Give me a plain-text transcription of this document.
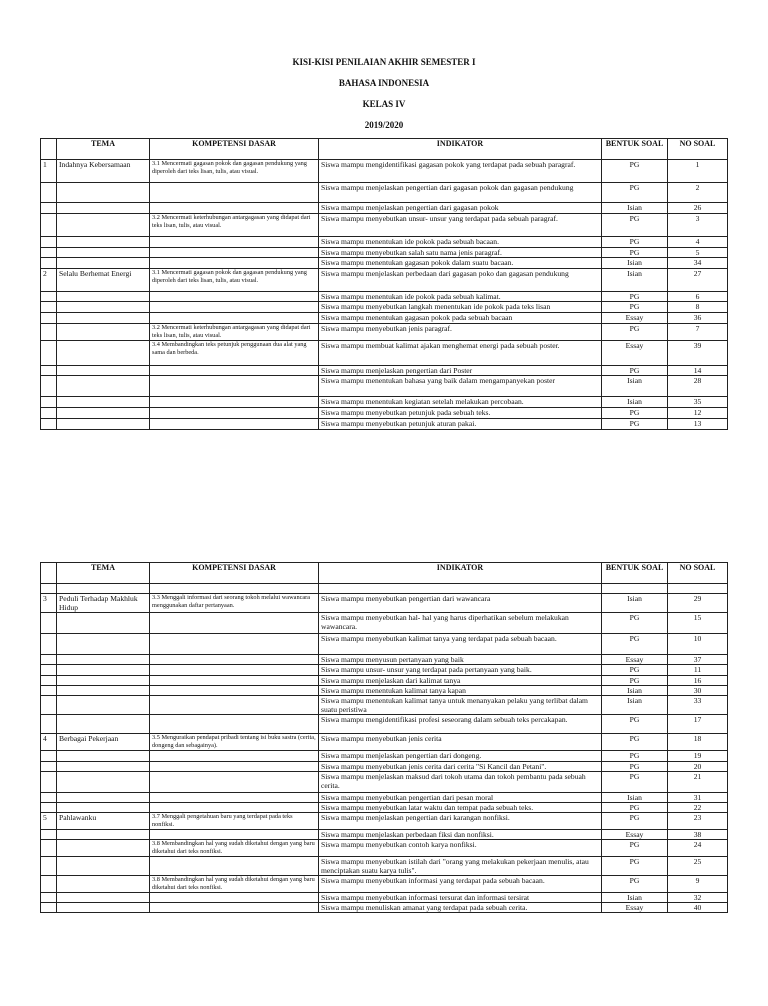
KISI-KISI PENILAIAN AKHIR SEMESTER I
BAHASA INDONESIA
KELAS IV
2019/2020
	TEMA	KOMPETENSI DASAR	INDIKATOR	BENTUK SOAL	NO SOAL
1	Indahnya Kebersamaan	3.1 Mencermati gagasan pokok dan gagasan pendukung yang diperoleh dari teks lisan, tulis, atau visual.	Siswa mampu mengidentifikasi gagasan pokok yang terdapat pada sebuah paragraf.	PG	1
			Siswa mampu menjelaskan pengertian dari gagasan pokok dan gagasan pendukung	PG	2
			Siswa mampu menjelaskan pengertian dari gagasan pokok	Isian	26
		3.2 Mencermati keterhubungan antargagasan yang didapat dari teks lisan, tulis, atau visual.	Siswa mampu menyebutkan unsur- unsur yang terdapat pada sebuah paragraf.	PG	3
			Siswa mampu menentukan ide pokok pada sebuah bacaan.	PG	4
			Siswa mampu menyebutkan salah satu nama jenis paragraf.	PG	5
			Siswa mampu menentukan gagasan pokok dalam suatu bacaan.	Isian	34
2	Selalu Berhemat Energi	3.1 Mencermati gagasan pokok dan gagasan pendukung yang diperoleh dari teks lisan, tulis, atau visual.	Siswa mampu menjelaskan perbedaan dari gagasan poko dan gagasan pendukung	Isian	27
			Siswa mampu menentukan ide pokok pada sebuah kalimat.	PG	6
			Siswa mampu menyebutkan langkah menentukan ide pokok pada teks lisan	PG	8
			Siswa mampu menentukan gagasan pokok pada sebuah bacaan	Essay	36
		3.2 Mencermati keterhubungan antargagasan yang didapat dari teks lisan, tulis, atau visual.	Siswa mampu menyebutkan jenis paragraf.	PG	7
		3.4 Membandingkan teks petunjuk penggunaan dua alat yang sama dan berbeda.	Siswa mampu membuat kalimat ajakan menghemat energi pada sebuah poster.	Essay	39
			Siswa mampu menjelaskan pengertian dari Poster	PG	14
			Siswa mampu menentukan bahasa yang baik dalam mengampanyekan poster	Isian	28
			Siswa mampu menentukan kegiatan setelah melakukan percobaan.	Isian	35
			Siswa mampu menyebutkan petunjuk pada sebuah teks.	PG	12
			Siswa mampu menyebutkan petunjuk aturan pakai.	PG	13
	TEMA	KOMPETENSI DASAR	INDIKATOR	BENTUK SOAL	NO SOAL

3	Peduli Terhadap Makhluk Hidup	3.3 Menggali informasi dari seorang tokoh melalui wawancara menggunakan daftar pertanyaan.	Siswa mampu menyebutkan pengertian dari wawancara	Isian	29
			Siswa mampu menyebutkan hal- hal yang harus diperhatikan sebelum melakukan wawancara.	PG	15
			Siswa mampu menyebutkan kalimat tanya yang terdapat pada sebuah bacaan.	PG	10
			Siswa mampu menyusun pertanyaan yang baik	Essay	37
			Siswa mampu unsur- unsur yang terdapat pada pertanyaan yang baik.	PG	11
			Siswa mampu menjelaskan dari kalimat tanya	PG	16
			Siswa mampu menentukan kalimat tanya kapan	Isian	30
			Siswa mampu menentukan kalimat tanya untuk menanyakan pelaku yang terlibat dalam suatu peristiwa	Isian	33
			Siswa mampu mengidentifikasi profesi seseorang dalam sebuah teks percakapan.	PG	17
4	Berbagai Pekerjaan	3.5 Menguraikan pendapat pribadi tentang isi buku sastra (cerita, dongeng dan sebagainya).	Siswa mampu menyebutkan jenis cerita	PG	18
			Siswa mampu menjelaskan pengertian dari dongeng.	PG	19
			Siswa mampu menyebutkan jenis cerita dari cerita "Si Kancil dan Petani".	PG	20
			Siswa mampu menjelaskan maksud dari tokoh utama dan tokoh pembantu pada sebuah cerita.	PG	21
			Siswa mampu menyebutkan pengertian dari pesan moral	Isian	31
			Siswa mampu menyebutkan latar waktu dan tempat pada sebuah teks.	PG	22
5	Pahlawanku	3.7 Menggali pengetahuan baru yang terdapat pada teks nonfiksi.	Siswa mampu menjelaskan pengertian dari karangan nonfiksi.	PG	23
			Siswa mampu menjelaskan perbedaan fiksi dan nonfiksi.	Essay	38
		3.8 Membandingkan hal yang sudah diketahui dengan yang baru diketahui dari teks nonfiksi.	Siswa mampu menyebutkan contoh karya nonfiksi.	PG	24
			Siswa mampu menyebutkan istilah dari "orang yang melakukan pekerjaan menulis, atau menciptakan suatu karya tulis".	PG	25
		3.8 Membandingkan hal yang sudah diketahui dengan yang baru diketahui dari teks nonfiksi.	Siswa mampu menyebutkan informasi yang terdapat pada sebuah bacaan.	PG	9
			Siswa mampu menyebutkan informasi tersurat dan informasi tersirat	Isian	32
			Siswa mampu menuliskan amanat yang terdapat pada sebuah cerita.	Essay	40
